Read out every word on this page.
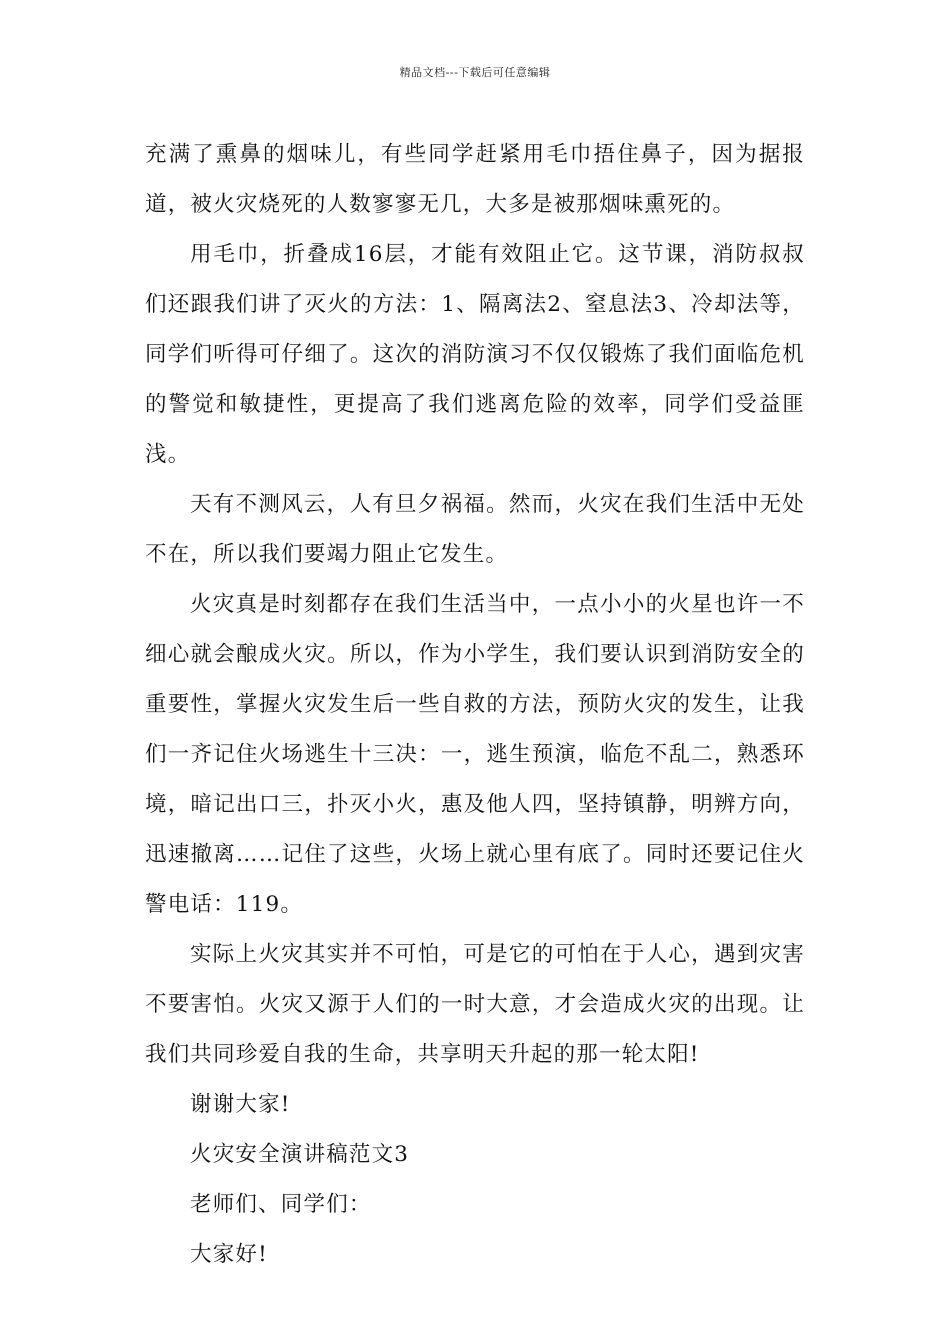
精品文档---下载后可任意编辑

充满了熏鼻的烟味儿，有些同学赶紧用毛巾捂住鼻子，因为据报道，被火灾烧死的人数寥寥无几，大多是被那烟味熏死的。

用毛巾，折叠成16层，才能有效阻止它。这节课，消防叔叔们还跟我们讲了灭火的方法：1、隔离法2、窒息法3、冷却法等，同学们听得可仔细了。这次的消防演习不仅仅锻炼了我们面临危机的警觉和敏捷性，更提高了我们逃离危险的效率，同学们受益匪浅。

天有不测风云，人有旦夕祸福。然而，火灾在我们生活中无处不在，所以我们要竭力阻止它发生。

火灾真是时刻都存在我们生活当中，一点小小的火星也许一不细心就会酿成火灾。所以，作为小学生，我们要认识到消防安全的重要性，掌握火灾发生后一些自救的方法，预防火灾的发生，让我们一齐记住火场逃生十三决：一，逃生预演，临危不乱二，熟悉环境，暗记出口三，扑灭小火，惠及他人四，坚持镇静，明辨方向，迅速撤离……记住了这些，火场上就心里有底了。同时还要记住火警电话：119。

实际上火灾其实并不可怕，可是它的可怕在于人心，遇到灾害不要害怕。火灾又源于人们的一时大意，才会造成火灾的出现。让我们共同珍爱自我的生命，共享明天升起的那一轮太阳!

谢谢大家!

火灾安全演讲稿范文3

老师们、同学们：

大家好!
